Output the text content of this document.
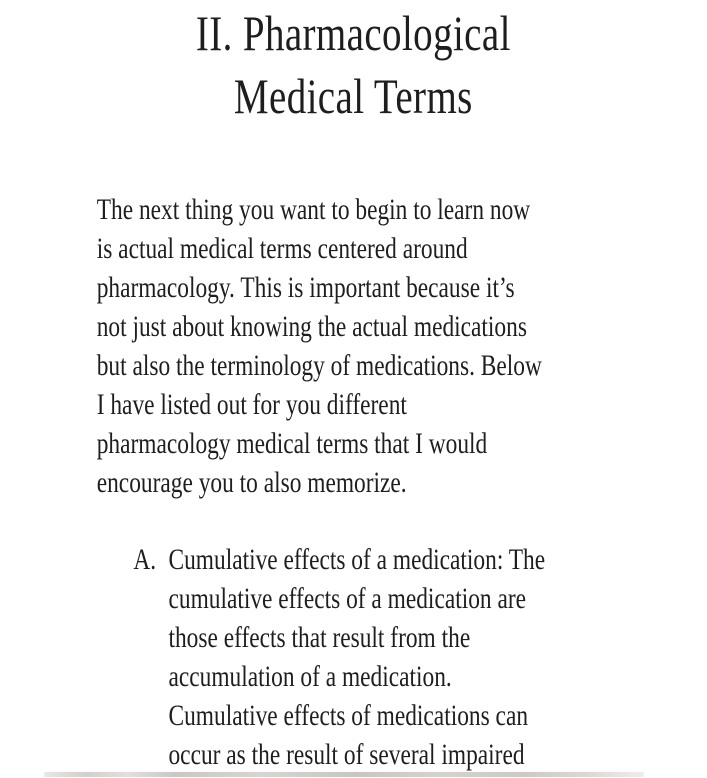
II. Pharmacological
Medical Terms
The next thing you want to begin to learn now
is actual medical terms centered around
pharmacology. This is important because it’s
not just about knowing the actual medications
but also the terminology of medications. Below
I have listed out for you different
pharmacology medical terms that I would
encourage you to also memorize.
A. Cumulative effects of a medication: The
cumulative effects of a medication are
those effects that result from the
accumulation of a medication.
Cumulative effects of medications can
occur as the result of several impaired
